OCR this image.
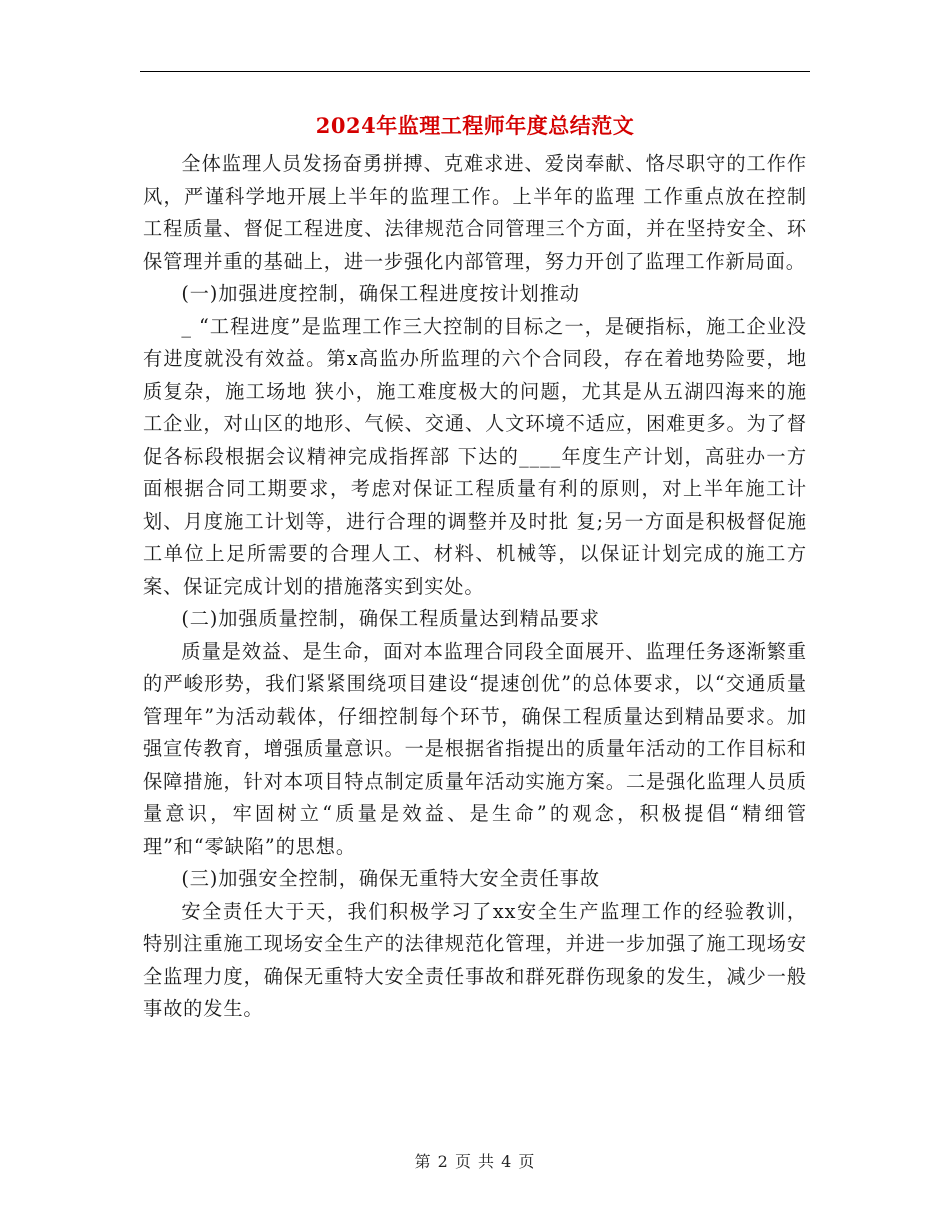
2024年监理工程师年度总结范文

全体监理人员发扬奋勇拼搏、克难求进、爱岗奉献、恪尽职守的工作作风，严谨科学地开展上半年的监理工作。上半年的监理 工作重点放在控制工程质量、督促工程进度、法律规范合同管理三个方面，并在坚持安全、环保管理并重的基础上，进一步强化内部管理，努力开创了监理工作新局面。

(一)加强进度控制，确保工程进度按计划推动

_ “工程进度”是监理工作三大控制的目标之一，是硬指标，施工企业没有进度就没有效益。第x高监办所监理的六个合同段，存在着地势险要，地质复杂，施工场地 狭小，施工难度极大的问题，尤其是从五湖四海来的施工企业，对山区的地形、气候、交通、人文环境不适应，困难更多。为了督促各标段根据会议精神完成指挥部 下达的____年度生产计划，高驻办一方面根据合同工期要求，考虑对保证工程质量有利的原则，对上半年施工计划、月度施工计划等，进行合理的调整并及时批 复;另一方面是积极督促施工单位上足所需要的合理人工、材料、机械等，以保证计划完成的施工方案、保证完成计划的措施落实到实处。

(二)加强质量控制，确保工程质量达到精品要求

质量是效益、是生命，面对本监理合同段全面展开、监理任务逐渐繁重的严峻形势，我们紧紧围绕项目建设“提速创优”的总体要求，以“交通质量管理年”为活动载体，仔细控制每个环节，确保工程质量达到精品要求。加强宣传教育，增强质量意识。一是根据省指提出的质量年活动的工作目标和保障措施，针对本项目特点制定质量年活动实施方案。二是强化监理人员质量意识，牢固树立“质量是效益、是生命”的观念，积极提倡“精细管理”和“零缺陷”的思想。

(三)加强安全控制，确保无重特大安全责任事故

安全责任大于天，我们积极学习了xx安全生产监理工作的经验教训，特别注重施工现场安全生产的法律规范化管理，并进一步加强了施工现场安全监理力度，确保无重特大安全责任事故和群死群伤现象的发生，减少一般事故的发生。

第 2 页 共 4 页
